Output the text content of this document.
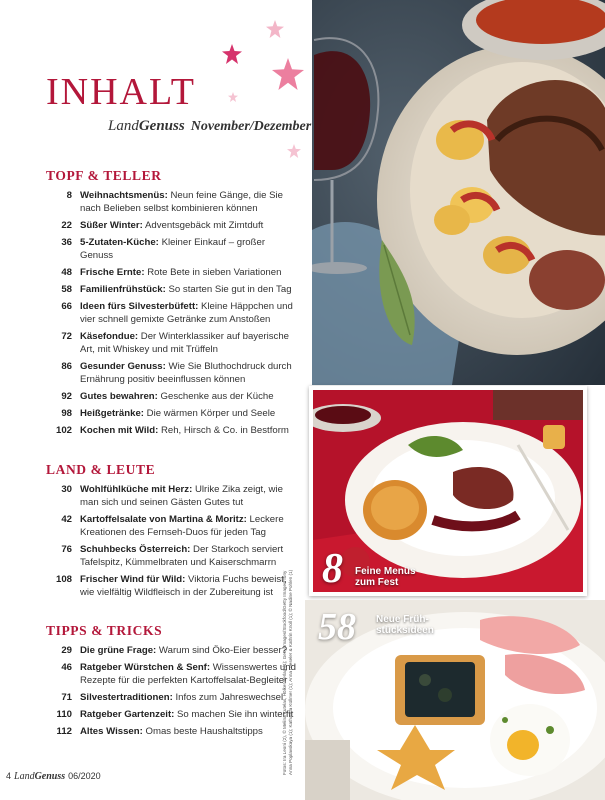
INHALT
LandGenuss November/Dezember
TOPF & TELLER
8 Weihnachtsmenüs: Neun feine Gänge, die Sie nach Belieben selbst kombinieren können
22 Süßer Winter: Adventsgebäck mit Zimtduft
36 5-Zutaten-Küche: Kleiner Einkauf – großer Genuss
48 Frische Ernte: Rote Bete in sieben Variationen
58 Familienfrühstück: So starten Sie gut in den Tag
66 Ideen fürs Silvesterbüfett: Kleine Häppchen und vier schnell gemixte Getränke zum Anstoßen
72 Käsefondue: Der Winterklassiker auf bayerische Art, mit Whiskey und mit Trüffeln
86 Gesunder Genuss: Wie Sie Bluthochdruck durch Ernährung positiv beeinflussen können
92 Gutes bewahren: Geschenke aus der Küche
98 Heißgetränke: Die wärmen Körper und Seele
102 Kochen mit Wild: Reh, Hirsch & Co. in Bestform
LAND & LEUTE
30 Wohlfühlküche mit Herz: Ulrike Zika zeigt, wie man sich und seinen Gästen Gutes tut
42 Kartoffelsalate von Martina & Moritz: Leckere Kreationen des Fernseh-Duos für jeden Tag
76 Schuhbecks Österreich: Der Starkoch serviert Tafelspitz, Kümmelbraten und Kaiserschmarrn
108 Frischer Wind für Wild: Viktoria Fuchs beweist, wie vielfältig Wildfleisch in der Zubereitung ist
TIPPS & TRICKS
29 Die grüne Frage: Warum sind Öko-Eier besser?
46 Ratgeber Würstchen & Senf: Wissenswertes und Rezepte für die perfekten Kartoffelsalat-Begleiter
71 Silvestertraditionen: Infos zum Jahreswechsel
110 Ratgeber Gartenzeit: So machen Sie ihn winterfit
112 Altes Wissen: Omas beste Haushaltstipps
4 LandGenuss 06/2020
Fotos: Ira Leoni (2), © Melina Kutelas, Hölker Verlag (1); Getty Images/Stockfood/Getty Images/Tony Anna Poplavskaya (1); Katharina Küllmer (1); Anna Gieseler & Kathrin Knoll (1); © Nadine Pohlen (1)
8 Feine Menüs
zum Fest
58 Neue Früh-
stücksideen
